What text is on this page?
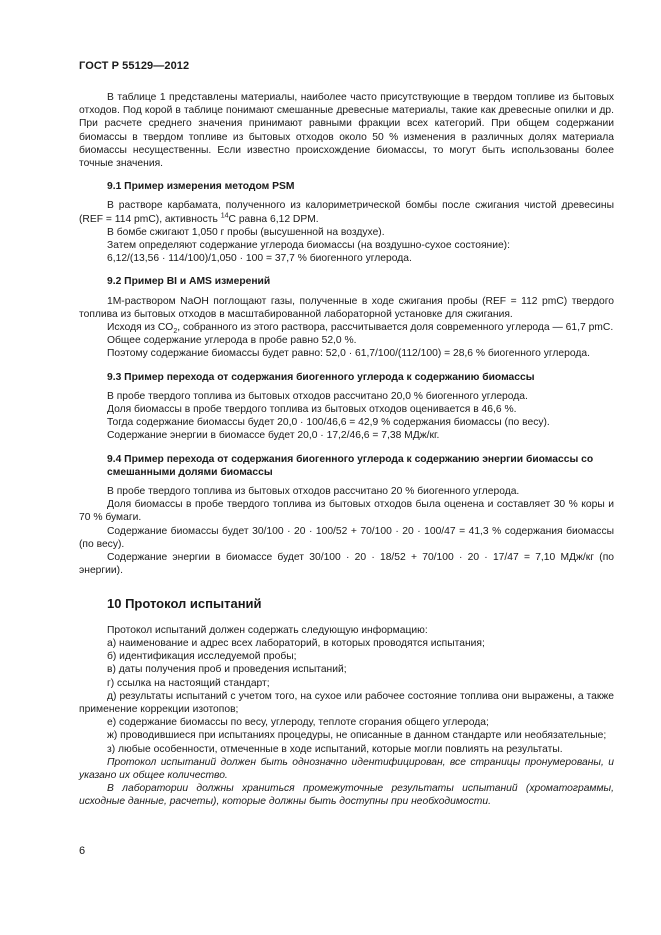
ГОСТ Р 55129—2012

В таблице 1 представлены материалы, наиболее часто присутствующие в твердом топливе из бытовых отходов. Под корой в таблице понимают смешанные древесные материалы, такие как древесные опилки и др. При расчете среднего значения принимают равными фракции всех категорий. При общем содержании биомассы в твердом топливе из бытовых отходов около 50 % изменения в различных долях материала биомассы несущественны. Если известно происхождение биомассы, то могут быть использованы более точные значения.

9.1 Пример измерения методом PSM

В растворе карбамата, полученного из калориметрической бомбы после сжигания чистой древесины (REF = 114 pmC), активность $^{14}$C равна 6,12 DPM.

В бомбе сжигают 1,050 г пробы (высушенной на воздухе).

Затем определяют содержание углерода биомассы (на воздушно-сухое состояние):

6,12/(13,56 · 114/100)/1,050 · 100 = 37,7 % биогенного углерода.

9.2 Пример BI и AMS измерений

1М-раствором NaOH поглощают газы, полученные в ходе сжигания пробы (REF = 112 pmC) твердого топлива из бытовых отходов в масштабированной лабораторной установке для сжигания.

Исходя из $CO_2$, собранного из этого раствора, рассчитывается доля современного углерода — 61,7 pmC.

Общее содержание углерода в пробе равно 52,0 %.

Поэтому содержание биомассы будет равно: 52,0 · 61,7/100/(112/100) = 28,6 % биогенного углерода.

9.3 Пример перехода от содержания биогенного углерода к содержанию биомассы

В пробе твердого топлива из бытовых отходов рассчитано 20,0 % биогенного углерода.

Доля биомассы в пробе твердого топлива из бытовых отходов оценивается в 46,6 %.

Тогда содержание биомассы будет 20,0 · 100/46,6 = 42,9 % содержания биомассы (по весу).

Содержание энергии в биомассе будет 20,0 · 17,2/46,6 = 7,38 МДж/кг.

9.4 Пример перехода от содержания биогенного углерода к содержанию энергии биомассы со смешанными долями биомассы

В пробе твердого топлива из бытовых отходов рассчитано 20 % биогенного углерода.

Доля биомассы в пробе твердого топлива из бытовых отходов была оценена и составляет 30 % коры и 70 % бумаги.

Содержание биомассы будет 30/100 · 20 · 100/52 + 70/100 · 20 · 100/47 = 41,3 % содержания биомассы (по весу).

Содержание энергии в биомассе будет 30/100 · 20 · 18/52 + 70/100 · 20 · 17/47 = 7,10 МДж/кг (по энергии).

10 Протокол испытаний

Протокол испытаний должен содержать следующую информацию:

а) наименование и адрес всех лабораторий, в которых проводятся испытания;

б) идентификация исследуемой пробы;

в) даты получения проб и проведения испытаний;

г) ссылка на настоящий стандарт;

д) результаты испытаний с учетом того, на сухое или рабочее состояние топлива они выражены, а также применение коррекции изотопов;

е) содержание биомассы по весу, углероду, теплоте сгорания общего углерода;

ж) проводившиеся при испытаниях процедуры, не описанные в данном стандарте или необязательные;

з) любые особенности, отмеченные в ходе испытаний, которые могли повлиять на результаты.

Протокол испытаний должен быть однозначно идентифицирован, все страницы пронумерованы, и указано их общее количество.

В лаборатории должны храниться промежуточные результаты испытаний (хроматограммы, исходные данные, расчеты), которые должны быть доступны при необходимости.

6
